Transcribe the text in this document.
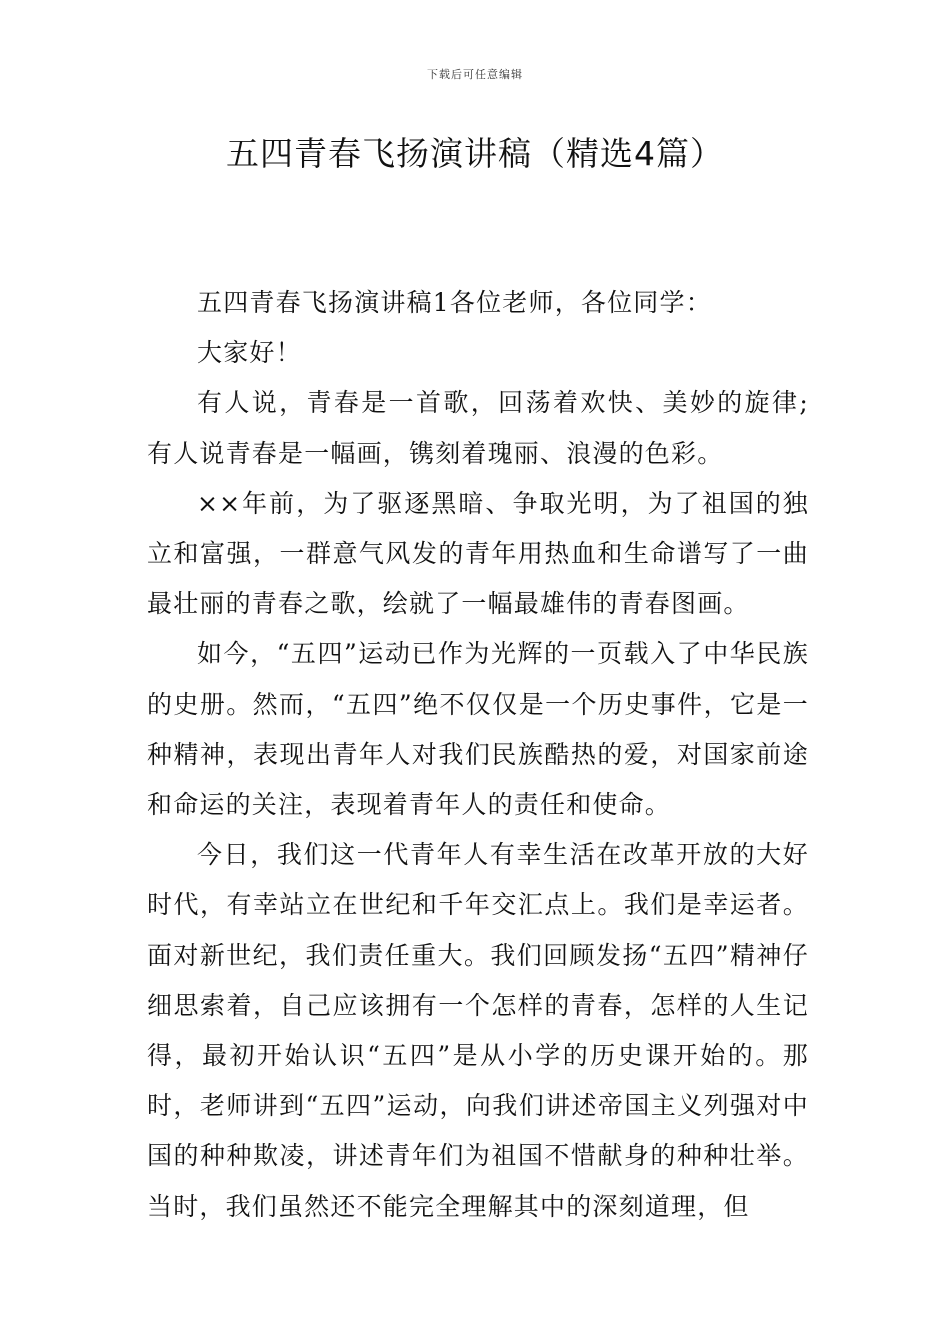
下载后可任意编辑
五四青春飞扬演讲稿（精选4篇）

五四青春飞扬演讲稿1各位老师，各位同学：

大家好！

有人说，青春是一首歌，回荡着欢快、美妙的旋律;有人说青春是一幅画，镌刻着瑰丽、浪漫的色彩。

××年前，为了驱逐黑暗、争取光明，为了祖国的独立和富强，一群意气风发的青年用热血和生命谱写了一曲最壮丽的青春之歌，绘就了一幅最雄伟的青春图画。

如今，“五四”运动已作为光辉的一页载入了中华民族的史册。然而，“五四”绝不仅仅是一个历史事件，它是一种精神，表现出青年人对我们民族酷热的爱，对国家前途和命运的关注，表现着青年人的责任和使命。

今日，我们这一代青年人有幸生活在改革开放的大好时代，有幸站立在世纪和千年交汇点上。我们是幸运者。面对新世纪，我们责任重大。我们回顾发扬“五四”精神仔细思索着，自己应该拥有一个怎样的青春，怎样的人生记得，最初开始认识“五四”是从小学的历史课开始的。那时，老师讲到“五四”运动，向我们讲述帝国主义列强对中国的种种欺凌，讲述青年们为祖国不惜献身的种种壮举。当时，我们虽然还不能完全理解其中的深刻道理，但
